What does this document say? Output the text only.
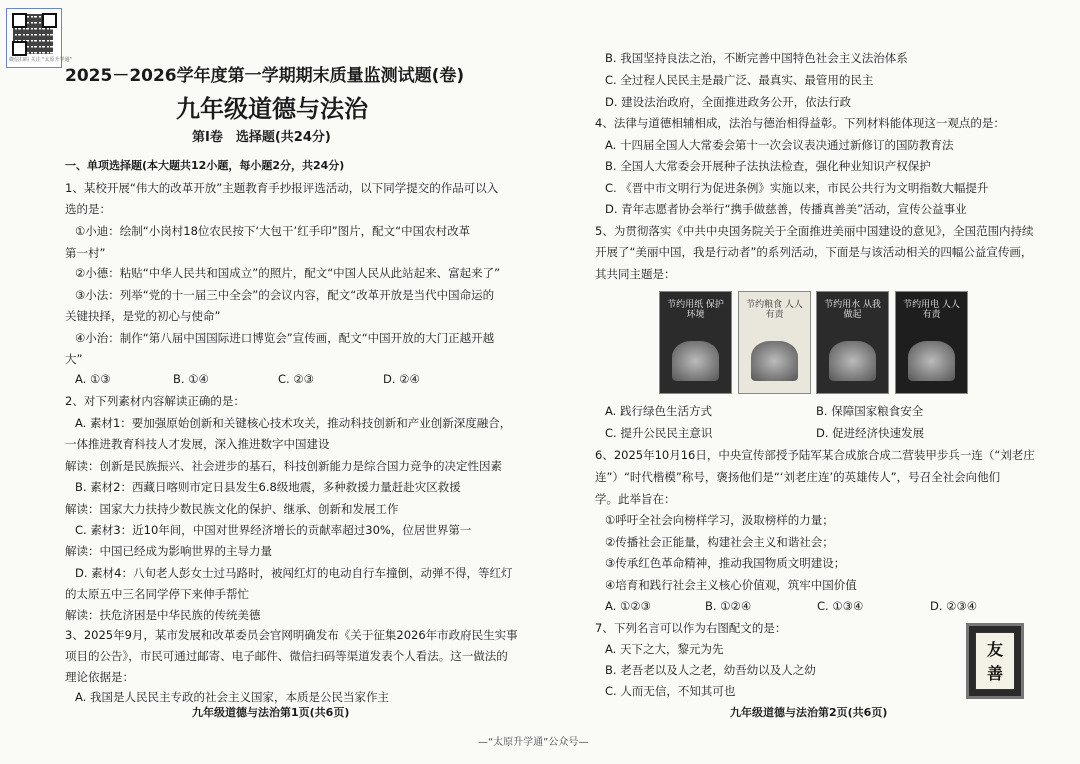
微信扫码 关注 "太原升学通"
2025－2026学年度第一学期期末质量监测试题(卷)
九年级道德与法治
第Ⅰ卷　选择题(共24分)
一、单项选择题(本大题共12小题，每小题2分，共24分)
1、某校开展“伟大的改革开放”主题教育手抄报评选活动，以下同学提交的作品可以入
选的是：
①小迪：绘制“小岗村18位农民按下‘大包干’红手印”图片，配文“中国农村改革
第一村”
②小德：粘贴“中华人民共和国成立”的照片，配文“中国人民从此站起来、富起来了”
③小法：列举“党的十一届三中全会”的会议内容，配文“改革开放是当代中国命运的
关键抉择，是党的初心与使命”
④小治：制作“第八届中国国际进口博览会”宣传画，配文“中国开放的大门正越开越
大”
A. ①③	B. ①④	C. ②③	D. ②④
2、对下列素材内容解读正确的是：
A. 素材1：要加强原始创新和关键核心技术攻关，推动科技创新和产业创新深度融合，
一体推进教育科技人才发展，深入推进数字中国建设
解读：创新是民族振兴、社会进步的基石，科技创新能力是综合国力竞争的决定性因素
B. 素材2：西藏日喀则市定日县发生6.8级地震，多种救援力量赶赴灾区救援
解读：国家大力扶持少数民族文化的保护、继承、创新和发展工作
C. 素材3：近10年间，中国对世界经济增长的贡献率超过30%，位居世界第一
解读：中国已经成为影响世界的主导力量
D. 素材4：八旬老人彭女士过马路时，被闯红灯的电动自行车撞倒，动弹不得，等红灯
的太原五中三名同学停下来伸手帮忙
解读：扶危济困是中华民族的传统美德
3、2025年9月，某市发展和改革委员会官网明确发布《关于征集2026年市政府民生实事
项目的公告》，市民可通过邮寄、电子邮件、微信扫码等渠道发表个人看法。这一做法的
理论依据是：
A. 我国是人民民主专政的社会主义国家，本质是公民当家作主
九年级道德与法治第1页(共6页)
B. 我国坚持良法之治，不断完善中国特色社会主义法治体系
C. 全过程人民民主是最广泛、最真实、最管用的民主
D. 建设法治政府，全面推进政务公开，依法行政
4、法律与道德相辅相成，法治与德治相得益彰。下列材料能体现这一观点的是：
A. 十四届全国人大常委会第十一次会议表决通过新修订的国防教育法
B. 全国人大常委会开展种子法执法检查，强化种业知识产权保护
C. 《晋中市文明行为促进条例》实施以来，市民公共行为文明指数大幅提升
D. 青年志愿者协会举行“携手做慈善，传播真善美”活动，宣传公益事业
5、为贯彻落实《中共中央国务院关于全面推进美丽中国建设的意见》，全国范围内持续
开展了“美丽中国，我是行动者”的系列活动，下面是与该活动相关的四幅公益宣传画，
其共同主题是：
节约用纸 保护环境
节约粮食 人人有责
节约用水 从我做起
节约用电 人人有责
A. 践行绿色生活方式	B. 保障国家粮食安全
C. 提升公民民主意识	D. 促进经济快速发展
6、2025年10月16日，中央宣传部授予陆军某合成旅合成二营装甲步兵一连（“刘老庄
连”）“时代楷模”称号，褒扬他们是“‘刘老庄连’的英雄传人”，号召全社会向他们
学。此举旨在：
①呼吁全社会向榜样学习，汲取榜样的力量；
②传播社会正能量，构建社会主义和谐社会；
③传承红色革命精神，推动我国物质文明建设；
④培育和践行社会主义核心价值观，筑牢中国价值
A. ①②③	B. ①②④	C. ①③④	D. ②③④
7、下列名言可以作为右图配文的是：
A. 天下之大，黎元为先
B. 老吾老以及人之老，幼吾幼以及人之幼
C. 人而无信，不知其可也
九年级道德与法治第2页(共6页)
友
善
—“太原升学通”公众号—
